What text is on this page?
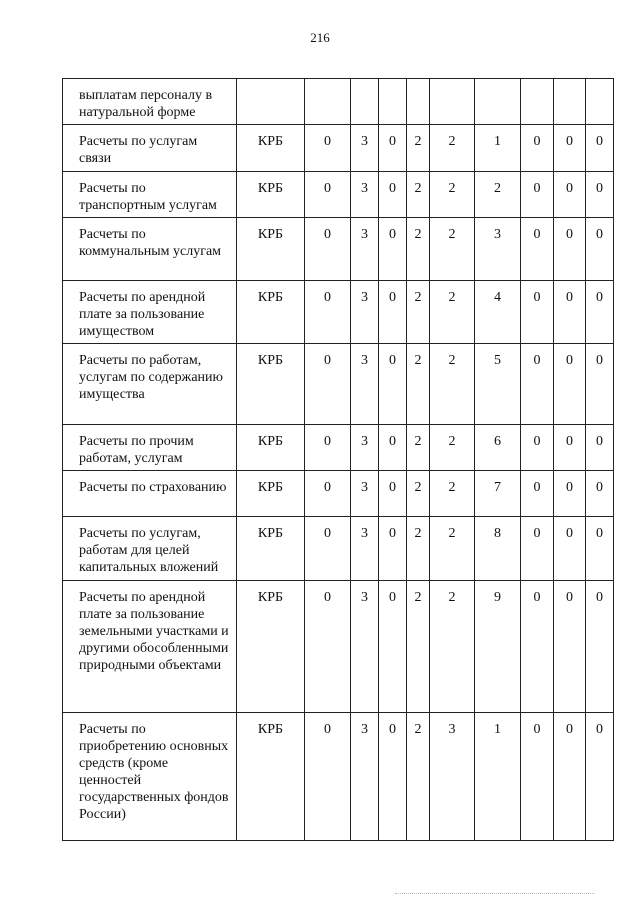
216
выплатам персоналу в натуральной форме										
Расчеты по услугам связи	КРБ	0	3	0	2	2	1	0	0	0
Расчеты по транспортным услугам	КРБ	0	3	0	2	2	2	0	0	0
Расчеты по коммунальным услугам	КРБ	0	3	0	2	2	3	0	0	0
Расчеты по арендной плате за пользование имуществом	КРБ	0	3	0	2	2	4	0	0	0
Расчеты по работам, услугам по содержанию имущества	КРБ	0	3	0	2	2	5	0	0	0
Расчеты по прочим работам, услугам	КРБ	0	3	0	2	2	6	0	0	0
Расчеты по страхованию	КРБ	0	3	0	2	2	7	0	0	0
Расчеты по услугам, работам для целей капитальных вложений	КРБ	0	3	0	2	2	8	0	0	0
Расчеты по арендной плате за пользование земельными участками и другими обособленными природными объектами	КРБ	0	3	0	2	2	9	0	0	0
Расчеты по приобретению основных средств (кроме ценностей государственных фондов России)	КРБ	0	3	0	2	3	1	0	0	0
